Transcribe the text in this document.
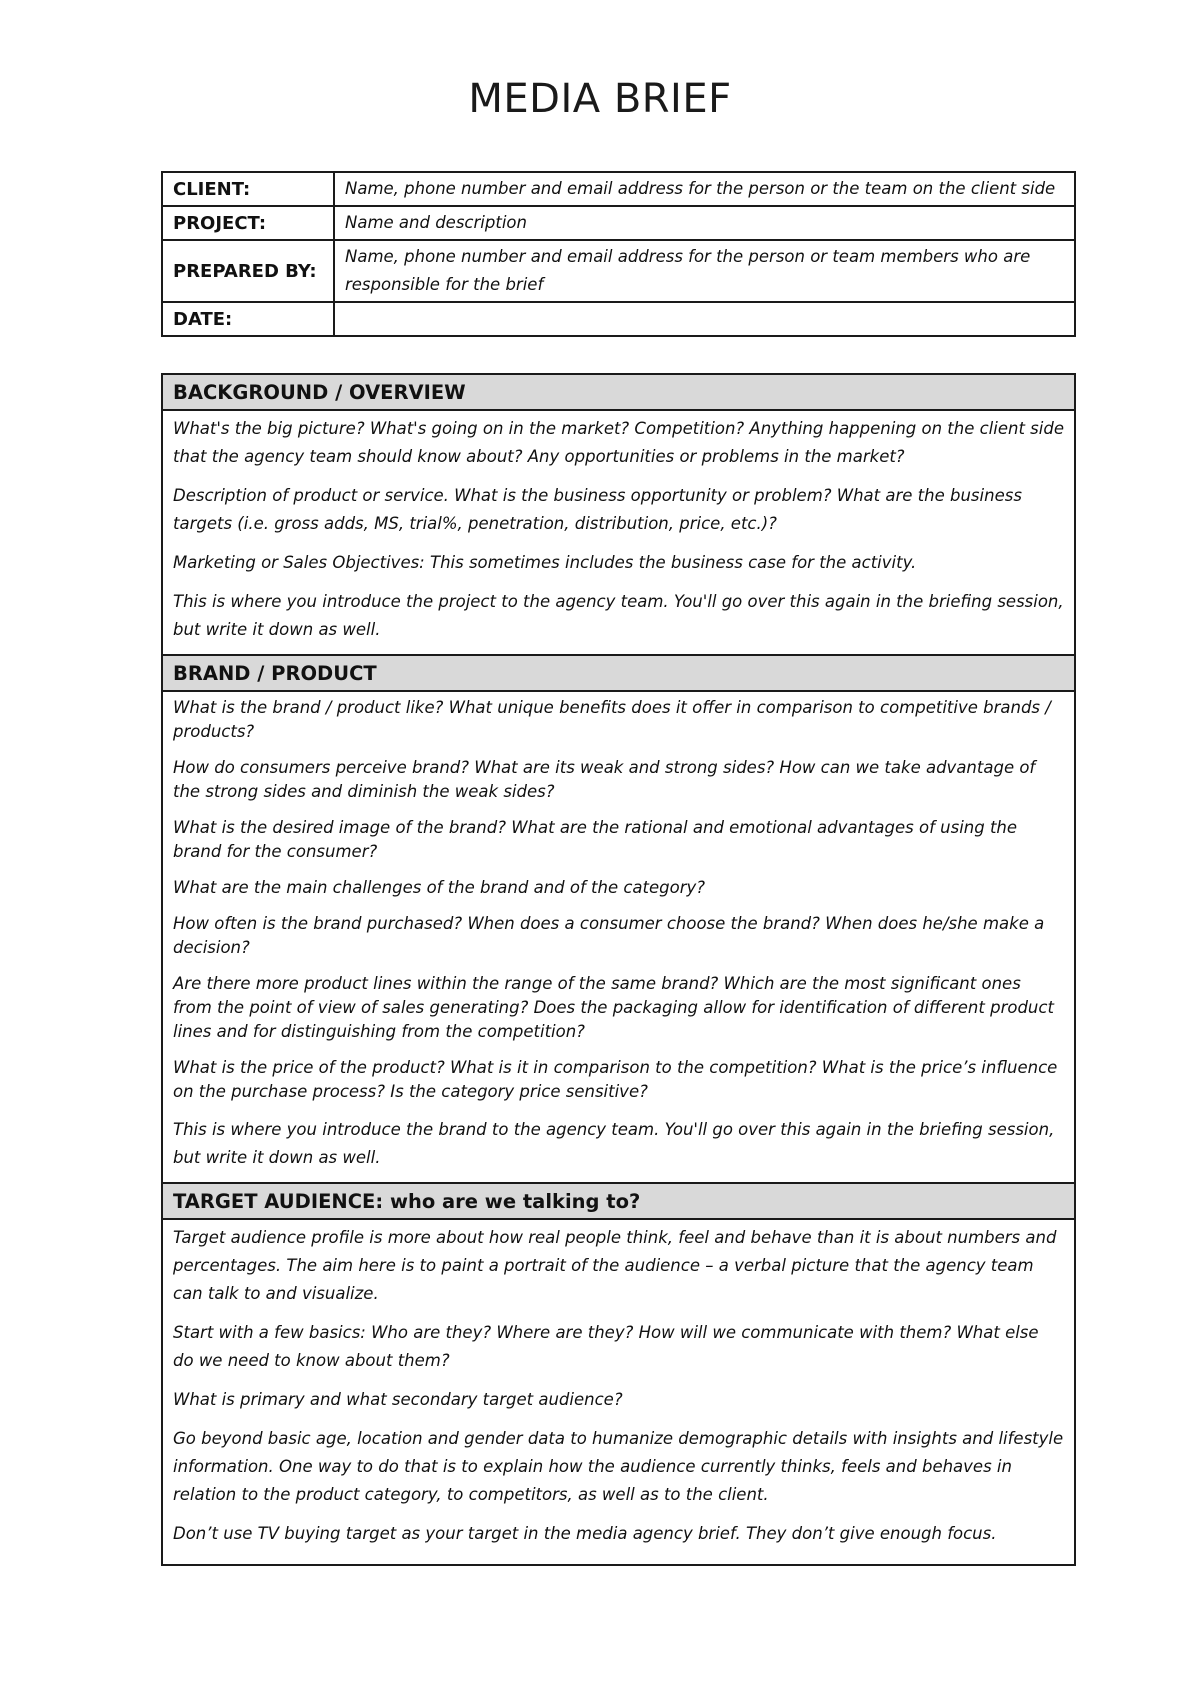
MEDIA BRIEF
CLIENT:	Name, phone number and email address for the person or the team on the client side
PROJECT:	Name and description
PREPARED BY:	Name, phone number and email address for the person or team members who are responsible for the brief
DATE:	
BACKGROUND / OVERVIEW

What's the big picture? What's going on in the market? Competition? Anything happening on the client side that the agency team should know about? Any opportunities or problems in the market?

Description of product or service. What is the business opportunity or problem? What are the business targets (i.e. gross adds, MS, trial%, penetration, distribution, price, etc.)?

Marketing or Sales Objectives: This sometimes includes the business case for the activity.

This is where you introduce the project to the agency team. You'll go over this again in the briefing session, but write it down as well.

BRAND / PRODUCT

What is the brand / product like? What unique benefits does it offer in comparison to competitive brands / products?

How do consumers perceive brand? What are its weak and strong sides? How can we take advantage of the strong sides and diminish the weak sides?

What is the desired image of the brand? What are the rational and emotional advantages of using the brand for the consumer?

What are the main challenges of the brand and of the category?

How often is the brand purchased? When does a consumer choose the brand? When does he/she make a decision?

Are there more product lines within the range of the same brand? Which are the most significant ones from the point of view of sales generating? Does the packaging allow for identification of different product lines and for distinguishing from the competition?

What is the price of the product? What is it in comparison to the competition? What is the price’s influence on the purchase process? Is the category price sensitive?

This is where you introduce the brand to the agency team. You'll go over this again in the briefing session, but write it down as well.

TARGET AUDIENCE: who are we talking to?

Target audience profile is more about how real people think, feel and behave than it is about numbers and percentages. The aim here is to paint a portrait of the audience – a verbal picture that the agency team can talk to and visualize.

Start with a few basics: Who are they? Where are they? How will we communicate with them? What else do we need to know about them?

What is primary and what secondary target audience?

Go beyond basic age, location and gender data to humanize demographic details with insights and lifestyle information. One way to do that is to explain how the audience currently thinks, feels and behaves in relation to the product category, to competitors, as well as to the client.

Don’t use TV buying target as your target in the media agency brief. They don’t give enough focus.
